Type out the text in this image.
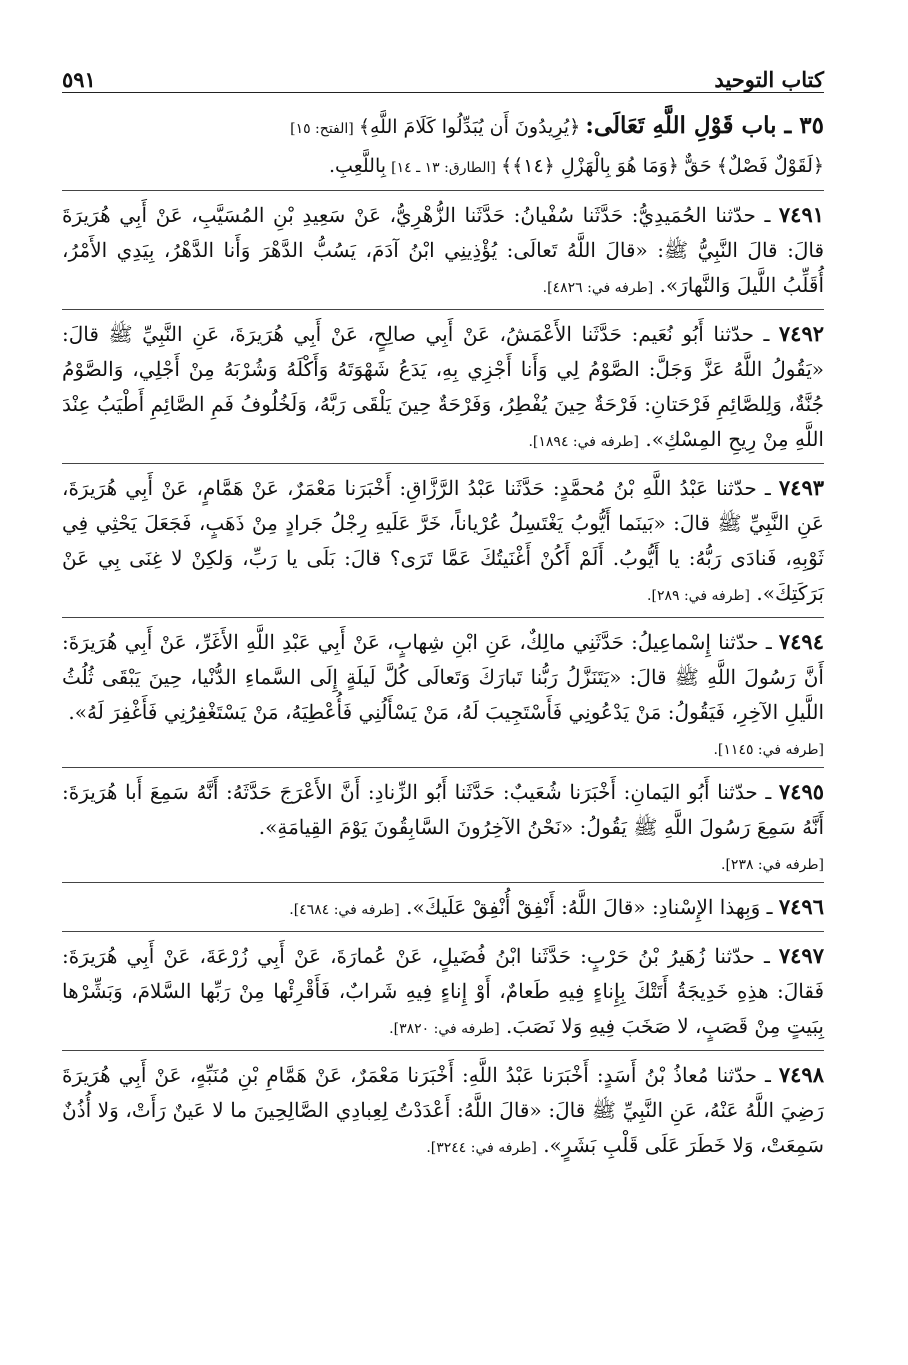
كتاب التوحيد
٥٩١
٣٥ ـ باب قَوْلِ اللَّهِ تَعَالَى: ﴿يُرِيدُونَ أَن يُبَدِّلُوا كَلَامَ اللَّهِ﴾ [الفتح: ١٥]
﴿لَقَوْلٌ فَصْلٌ﴾ حَقٌّ ﴿وَمَا هُوَ بِالْهَزْلِ ﴿١٤﴾﴾ [الطارق: ١٣ ـ ١٤] بِاللَّعِبِ.
٧٤٩١ ـ حدّثنا الحُمَيدِيُّ: حَدَّثَنا سُفْيانُ: حَدَّثَنا الزُّهْرِيُّ، عَنْ سَعِيدِ بْنِ المُسَيَّبِ، عَنْ أَبِي هُرَيرَةَ قالَ: قالَ النَّبِيُّ ﷺ: «قالَ اللَّهُ تَعالَى: يُؤْذِينِي ابْنُ آدَمَ، يَسُبُّ الدَّهْرَ وَأَنا الدَّهْرُ، بِيَدِي الأَمْرُ، أُقَلِّبُ اللَّيلَ وَالنَّهارَ». [طرفه في: ٤٨٢٦].
٧٤٩٢ ـ حدّثنا أَبُو نُعَيم: حَدَّثَنا الأَعْمَشُ، عَنْ أَبِي صالِحٍ، عَنْ أَبِي هُرَيرَةَ، عَنِ النَّبِيِّ ﷺ قالَ: «يَقُولُ اللَّهُ عَزَّ وَجَلَّ: الصَّوْمُ لِي وَأَنا أَجْزِي بِهِ، يَدَعُ شَهْوَتَهُ وَأَكْلَهُ وَشُرْبَهُ مِنْ أَجْلِي، وَالصَّوْمُ جُنَّةٌ، وَلِلصَّائِمِ فَرْحَتانِ: فَرْحَةٌ حِينَ يُفْطِرُ، وَفَرْحَةٌ حِينَ يَلْقَى رَبَّهُ، وَلَخُلُوفُ فَمِ الصَّائِمِ أَطْيَبُ عِنْدَ اللَّهِ مِنْ رِيحِ المِسْكِ». [طرفه في: ١٨٩٤].
٧٤٩٣ ـ حدّثنا عَبْدُ اللَّهِ بْنُ مُحمَّدٍ: حَدَّثَنا عَبْدُ الرَّزَّاقِ: أَخْبَرَنا مَعْمَرٌ، عَنْ هَمَّامٍ، عَنْ أَبِي هُرَيرَةَ، عَنِ النَّبِيِّ ﷺ قالَ: «بَينَما أَيُّوبُ يَغْتَسِلُ عُرْياناً، خَرَّ عَلَيهِ رِجْلُ جَرادٍ مِنْ ذَهَبٍ، فَجَعَلَ يَحْثِي فِي ثَوْبِهِ، فَنادَى رَبُّهُ: يا أَيُّوبُ. أَلَمْ أَكُنْ أَغْنَيتُكَ عَمَّا تَرَى؟ قالَ: بَلَى يا رَبِّ، وَلكِنْ لا غِنَى بِي عَنْ بَرَكَتِكَ». [طرفه في: ٢٨٩].
٧٤٩٤ ـ حدّثنا إِسْماعِيلُ: حَدَّثَنِي مالِكٌ، عَنِ ابْنِ شِهابٍ، عَنْ أَبِي عَبْدِ اللَّهِ الأَغَرِّ، عَنْ أَبِي هُرَيرَةَ: أَنَّ رَسُولَ اللَّهِ ﷺ قالَ: «يَتَنَزَّلُ رَبُّنا تَبارَكَ وَتَعالَى كُلَّ لَيلَةٍ إِلَى السَّماءِ الدُّنْيا، حِينَ يَبْقَى ثُلُثُ اللَّيلِ الآخِرِ، فَيَقُولُ: مَنْ يَدْعُونِي فَأَسْتَجِيبَ لَهُ، مَنْ يَسْأَلُنِي فَأُعْطِيَهُ، مَنْ يَسْتَغْفِرُنِي فَأَغْفِرَ لَهُ».
[طرفه في: ١١٤٥].
٧٤٩٥ ـ حدّثنا أَبُو اليَمانِ: أَخْبَرَنا شُعَيبٌ: حَدَّثَنا أَبُو الزِّنادِ: أَنَّ الأَعْرَجَ حَدَّثَهُ: أَنَّهُ سَمِعَ أَبا هُرَيرَةَ: أَنَّهُ سَمِعَ رَسُولَ اللَّهِ ﷺ يَقُولُ: «نَحْنُ الآخِرُونَ السَّابِقُونَ يَوْمَ القِيامَةِ».
[طرفه في: ٢٣٨].
٧٤٩٦ ـ وَبِهذا الإِسْنادِ: «قالَ اللَّهُ: أَنْفِقْ أُنْفِقْ عَلَيكَ». [طرفه في: ٤٦٨٤].
٧٤٩٧ ـ حدّثنا زُهَيرُ بْنُ حَرْبٍ: حَدَّثَنا ابْنُ فُضَيلٍ، عَنْ عُمارَةَ، عَنْ أَبِي زُرْعَةَ، عَنْ أَبِي هُرَيرَةَ: فَقالَ: هذِهِ خَدِيجَةُ أَتَتْكَ بِإِناءٍ فِيهِ طَعامٌ، أَوْ إِناءٍ فِيهِ شَرابٌ، فَأَقْرِئْها مِنْ رَبِّها السَّلامَ، وَبَشِّرْها بِبَيتٍ مِنْ قَصَبٍ، لا صَخَبَ فِيهِ وَلا نَصَبَ. [طرفه في: ٣٨٢٠].
٧٤٩٨ ـ حدّثنا مُعاذُ بْنُ أَسَدٍ: أَخْبَرَنا عَبْدُ اللَّهِ: أَخْبَرَنا مَعْمَرٌ، عَنْ هَمَّامِ بْنِ مُنَبِّهٍ، عَنْ أَبِي هُرَيرَةَ رَضِيَ اللَّهُ عَنْهُ، عَنِ النَّبِيِّ ﷺ قالَ: «قالَ اللَّهُ: أَعْدَدْتُ لِعِبادِي الصَّالِحِينَ ما لا عَينٌ رَأَتْ، وَلا أُذُنٌ سَمِعَتْ، وَلا خَطَرَ عَلَى قَلْبِ بَشَرٍ». [طرفه في: ٣٢٤٤].
